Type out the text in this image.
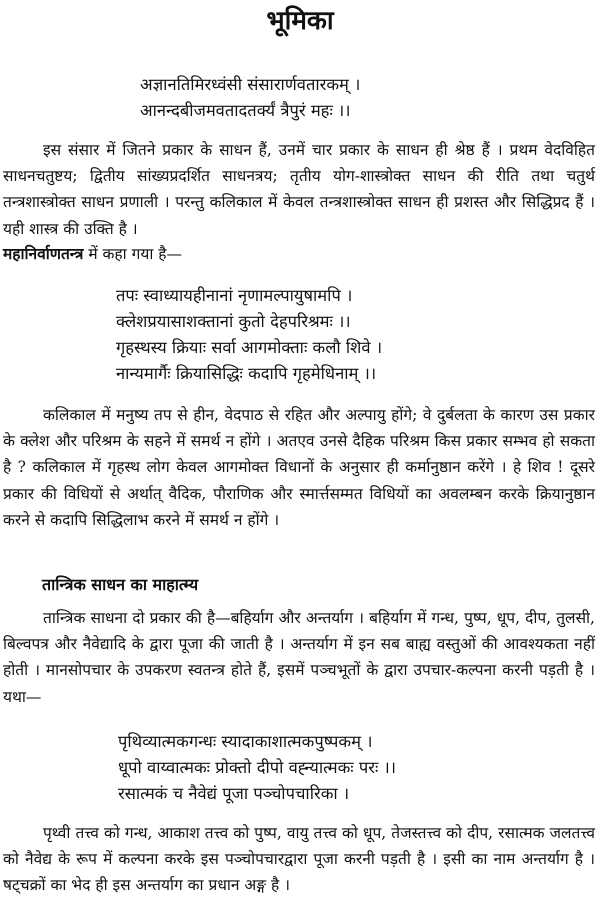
भूमिका
अज्ञानतिमिरध्वंसी संसारार्णवतारकम् ।
आनन्दबीजमवतादतर्क्यं त्रैपुरं महः ।।

इस संसार में जितने प्रकार के साधन हैं, उनमें चार प्रकार के साधन ही श्रेष्ठ हैं । प्रथम वेदविहित साधनचतुष्टय; द्वितीय सांख्यप्रदर्शित साधनत्रय; तृतीय योग-शास्त्रोक्त साधन की रीति तथा चतुर्थ तन्त्रशास्त्रोक्त साधन प्रणाली । परन्तु कलिकाल में केवल तन्त्रशास्त्रोक्त साधन ही प्रशस्त और सिद्धिप्रद हैं । यही शास्त्र की उक्ति है ।

महानिर्वाणतन्त्र में कहा गया है—
तपः स्वाध्यायहीनानां नृणामल्पायुषामपि ।
क्लेशप्रयासाशक्तानां कुतो देहपरिश्रमः ।।
गृहस्थस्य क्रियाः सर्वा आगमोक्ताः कलौ शिवे ।
नान्यमार्गैः क्रियासिद्धिः कदापि गृहमेधिनाम् ।।

कलिकाल में मनुष्य तप से हीन, वेदपाठ से रहित और अल्पायु होंगे; वे दुर्बलता के कारण उस प्रकार के क्लेश और परिश्रम के सहने में समर्थ न होंगे । अतएव उनसे दैहिक परिश्रम किस प्रकार सम्भव हो सकता है ? कलिकाल में गृहस्थ लोग केवल आगमोक्त विधानों के अनुसार ही कर्मानुष्ठान करेंगे । हे शिव ! दूसरे प्रकार की विधियों से अर्थात् वैदिक, पौराणिक और स्मार्त्तसम्मत विधियों का अवलम्बन करके क्रियानुष्ठान करने से कदापि सिद्धिलाभ करने में समर्थ न होंगे ।

तान्त्रिक साधन का माहात्म्य

तान्त्रिक साधना दो प्रकार की है—बहिर्याग और अन्तर्याग । बहिर्याग में गन्ध, पुष्प, धूप, दीप, तुलसी, बिल्वपत्र और नैवेद्यादि के द्वारा पूजा की जाती है । अन्तर्याग में इन सब बाह्य वस्तुओं की आवश्यकता नहीं होती । मानसोपचार के उपकरण स्वतन्त्र होते हैं, इसमें पञ्चभूतों के द्वारा उपचार-कल्पना करनी पड़ती है । यथा—

पृथिव्यात्मकगन्धः स्यादाकाशात्मकपुष्पकम् ।
धूपो वाय्वात्मकः प्रोक्तो दीपो वह्न्यात्मकः परः ।।
रसात्मकं च नैवेद्यं पूजा पञ्चोपचारिका ।

पृथ्वी तत्त्व को गन्ध, आकाश तत्त्व को पुष्प, वायु तत्त्व को धूप, तेजस्तत्त्व को दीप, रसात्मक जलतत्त्व को नैवेद्य के रूप में कल्पना करके इस पञ्चोपचारद्वारा पूजा करनी पड़ती है । इसी का नाम अन्तर्याग है । षट्चक्रों का भेद ही इस अन्तर्याग का प्रधान अङ्ग है ।
